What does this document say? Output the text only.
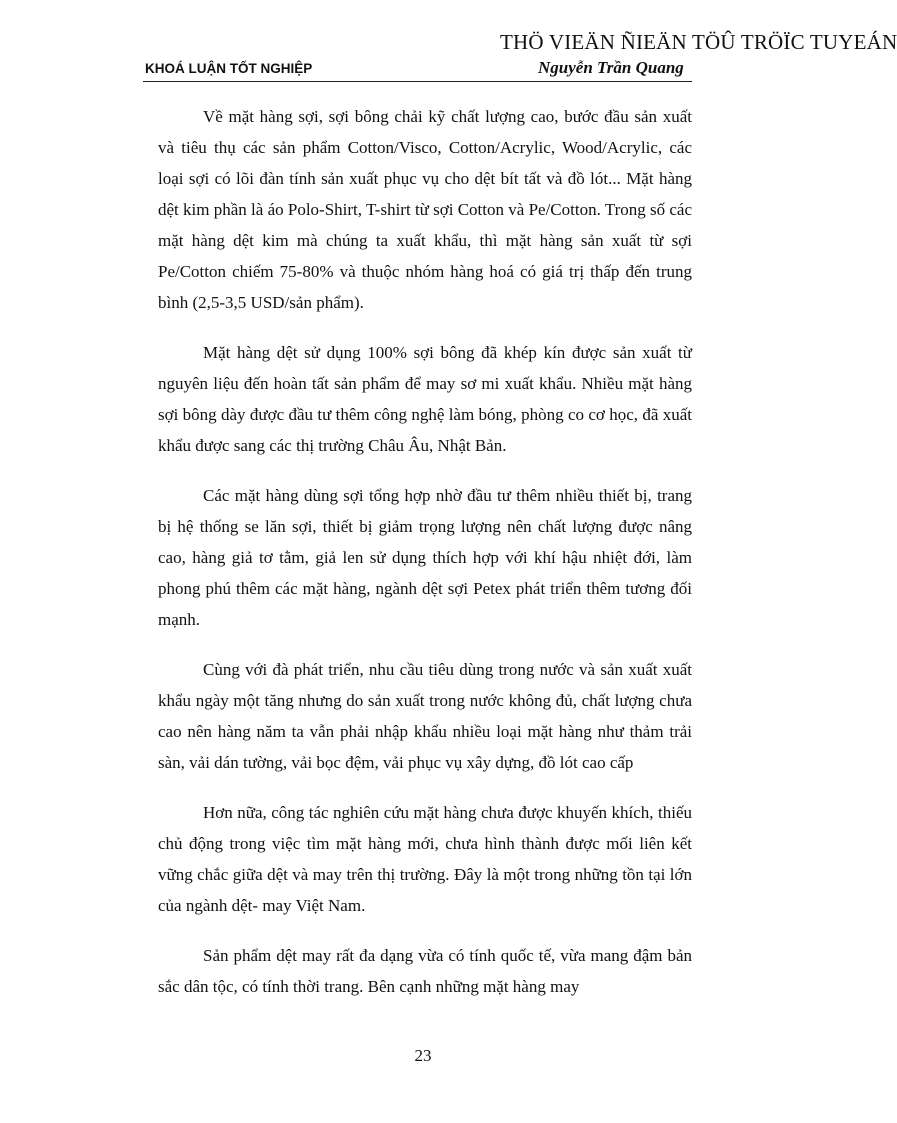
THÖ VIEÄN ÑIEÄN TÖÛ TRÖÏC TUYEÁN
KHOÁ LUẬN TỐT NGHIỆP	Nguyễn Trần Quang

Về mặt hàng sợi, sợi bông chải kỹ chất lượng cao, bước đầu sản xuất và tiêu thụ các sản phẩm Cotton/Visco, Cotton/Acrylic, Wood/Acrylic, các loại sợi có lõi đàn tính sản xuất phục vụ cho dệt bít tất và đồ lót... Mặt hàng dệt kim phần là áo Polo-Shirt, T-shirt từ sợi Cotton và Pe/Cotton. Trong số các mặt hàng dệt kim mà chúng ta xuất khẩu, thì mặt hàng sản xuất từ sợi Pe/Cotton chiếm 75-80% và thuộc nhóm hàng hoá có giá trị thấp đến trung bình (2,5-3,5 USD/sản phẩm).

Mặt hàng dệt sử dụng 100% sợi bông đã khép kín được sản xuất từ nguyên liệu đến hoàn tất sản phẩm để may sơ mi xuất khẩu. Nhiều mặt hàng sợi bông dày được đầu tư thêm công nghệ làm bóng, phòng co cơ học, đã xuất khẩu được sang các thị trường Châu Âu, Nhật Bản.

Các mặt hàng dùng sợi tổng hợp nhờ đầu tư thêm nhiều thiết bị, trang bị hệ thống se lăn sợi, thiết bị giảm trọng lượng nên chất lượng được nâng cao, hàng giả tơ tằm, giả len sử dụng thích hợp với khí hậu nhiệt đới, làm phong phú thêm các mặt hàng, ngành dệt sợi Petex phát triển thêm tương đối mạnh.

Cùng với đà phát triển, nhu cầu tiêu dùng trong nước và sản xuất xuất khẩu ngày một tăng nhưng do sản xuất trong nước không đủ, chất lượng chưa cao nên hàng năm ta vẫn phải nhập khẩu nhiều loại mặt hàng như thảm trải sàn, vải dán tường, vải bọc đệm, vải phục vụ xây dựng, đồ lót cao cấp

Hơn nữa, công tác nghiên cứu mặt hàng chưa được khuyến khích, thiếu chủ động trong việc tìm mặt hàng mới, chưa hình thành được mối liên kết vững chắc giữa dệt và may trên thị trường. Đây là một trong những tồn tại lớn của ngành dệt- may Việt Nam.

Sản phẩm dệt may rất đa dạng vừa có tính quốc tế, vừa mang đậm bản sắc dân tộc, có tính thời trang. Bên cạnh những mặt hàng may

23
